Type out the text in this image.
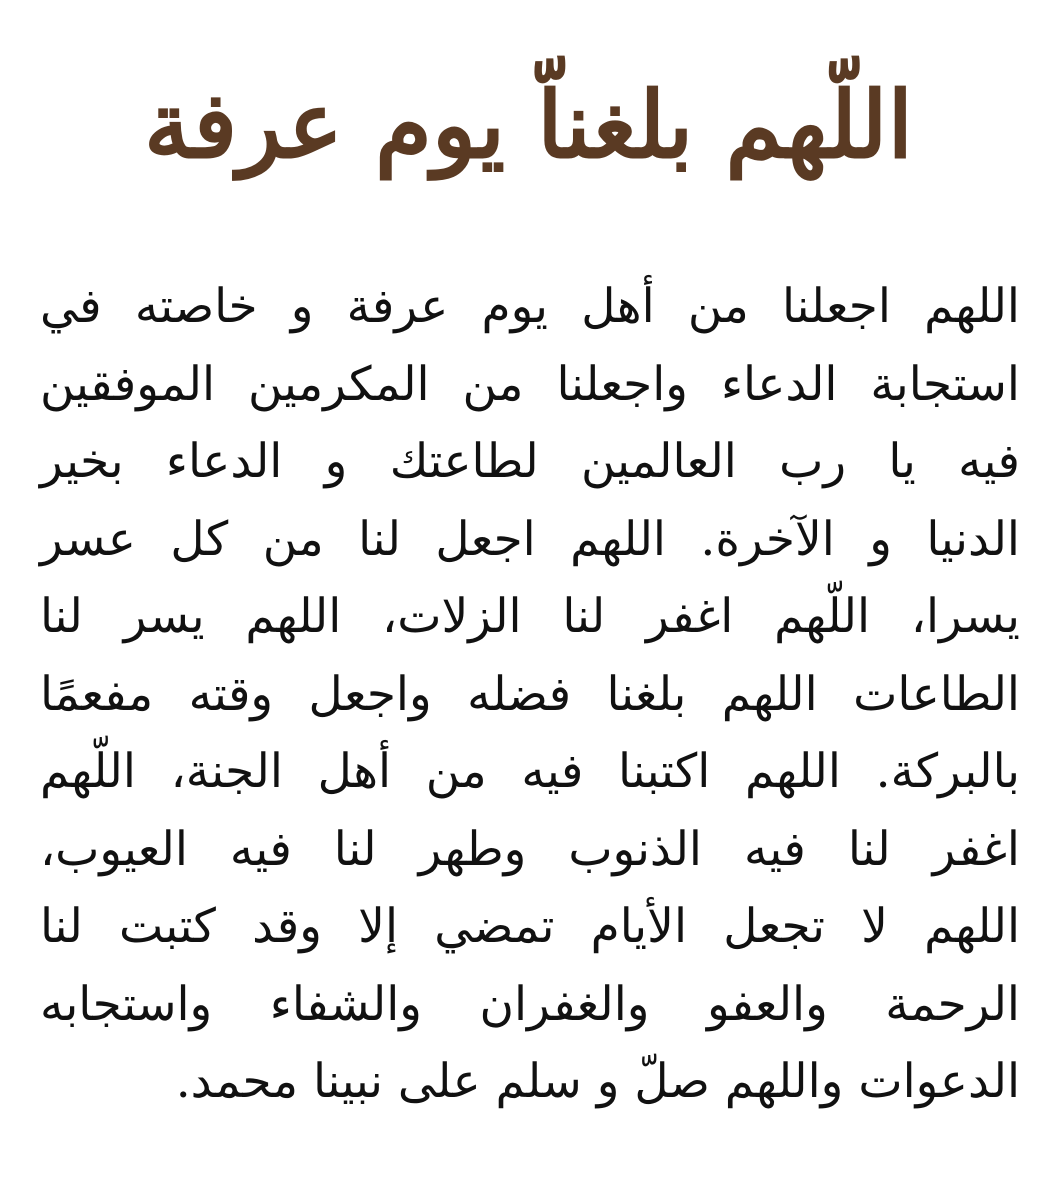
اللّهم بلغناّ يوم عرفة
اللهم اجعلنا من أهل يوم عرفة و خاصته في
استجابة الدعاء واجعلنا من المكرمين الموفقين
فيه يا رب العالمين لطاعتك و الدعاء بخير
الدنيا و الآخرة. اللهم اجعل لنا من كل عسر
يسرا، اللّهم اغفر لنا الزلات، اللهم يسر لنا
الطاعات اللهم بلغنا فضله واجعل وقته مفعمًا
بالبركة. اللهم اكتبنا فيه من أهل الجنة، اللّهم
اغفر لنا فيه الذنوب وطهر لنا فيه العيوب،
اللهم لا تجعل الأيام تمضي إلا وقد كتبت لنا
الرحمة والعفو والغفران والشفاء واستجابه
الدعوات واللهم صلّ و سلم على نبينا محمد.
